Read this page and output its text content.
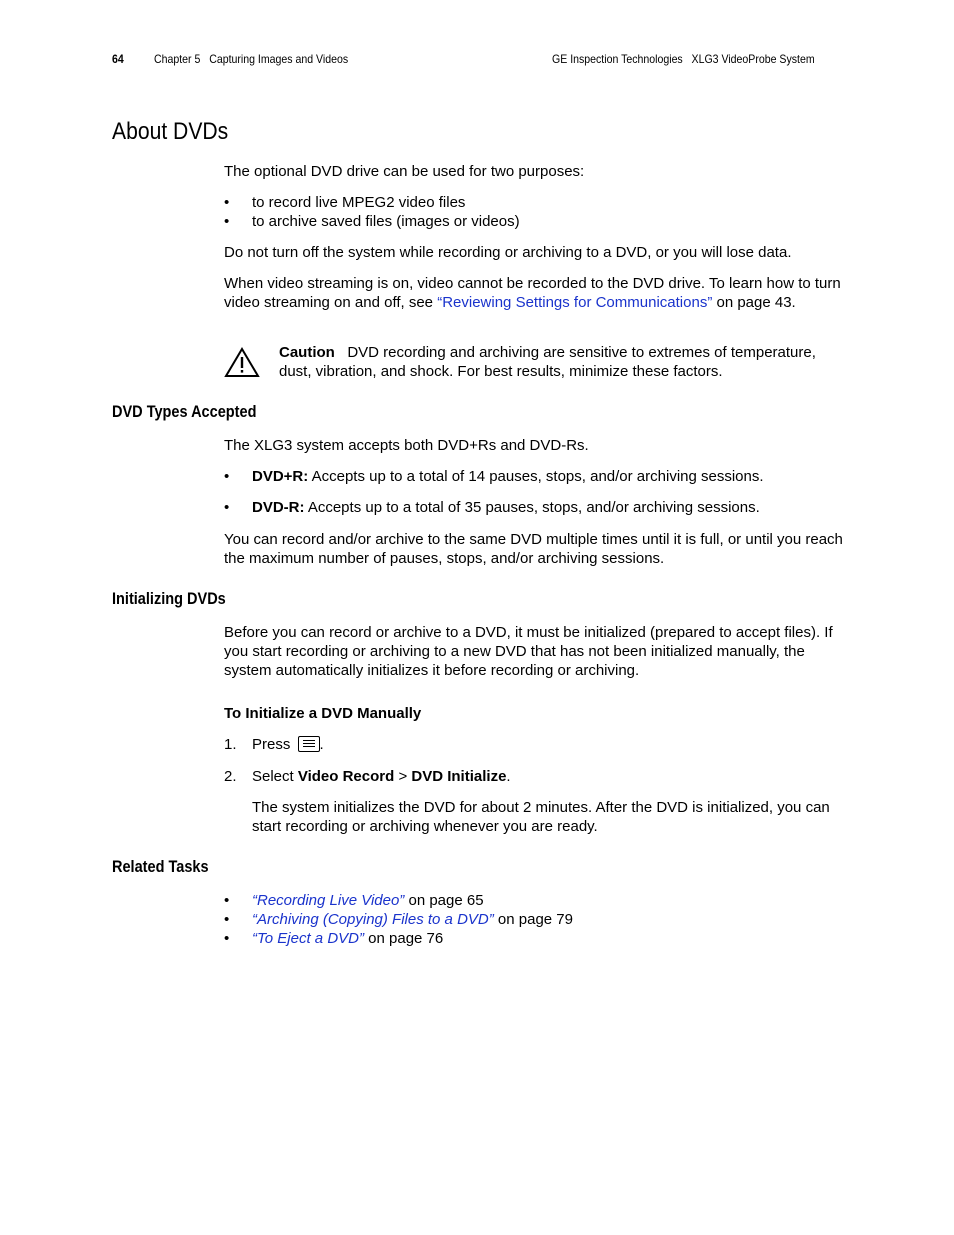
64	Chapter 5 Capturing Images and Videos	GE Inspection Technologies XLG3 VideoProbe System
About DVDs

The optional DVD drive can be used for two purposes:

• to record live MPEG2 video files
• to archive saved files (images or videos)

Do not turn off the system while recording or archiving to a DVD, or you will lose data.

When video streaming is on, video cannot be recorded to the DVD drive. To learn how to turn video streaming on and off, see “Reviewing Settings for Communications” on page 43.

Caution DVD recording and archiving are sensitive to extremes of temperature, dust, vibration, and shock. For best results, minimize these factors.

DVD Types Accepted

The XLG3 system accepts both DVD+Rs and DVD-Rs.

• DVD+R: Accepts up to a total of 14 pauses, stops, and/or archiving sessions.
• DVD-R: Accepts up to a total of 35 pauses, stops, and/or archiving sessions.

You can record and/or archive to the same DVD multiple times until it is full, or until you reach the maximum number of pauses, stops, and/or archiving sessions.

Initializing DVDs

Before you can record or archive to a DVD, it must be initialized (prepared to accept files). If you start recording or archiving to a new DVD that has not been initialized manually, the system automatically initializes it before recording or archiving.

To Initialize a DVD Manually
1. Press .
2. Select Video Record > DVD Initialize.

The system initializes the DVD for about 2 minutes. After the DVD is initialized, you can start recording or archiving whenever you are ready.

Related Tasks
• “Recording Live Video” on page 65
• “Archiving (Copying) Files to a DVD” on page 79
• “To Eject a DVD” on page 76
